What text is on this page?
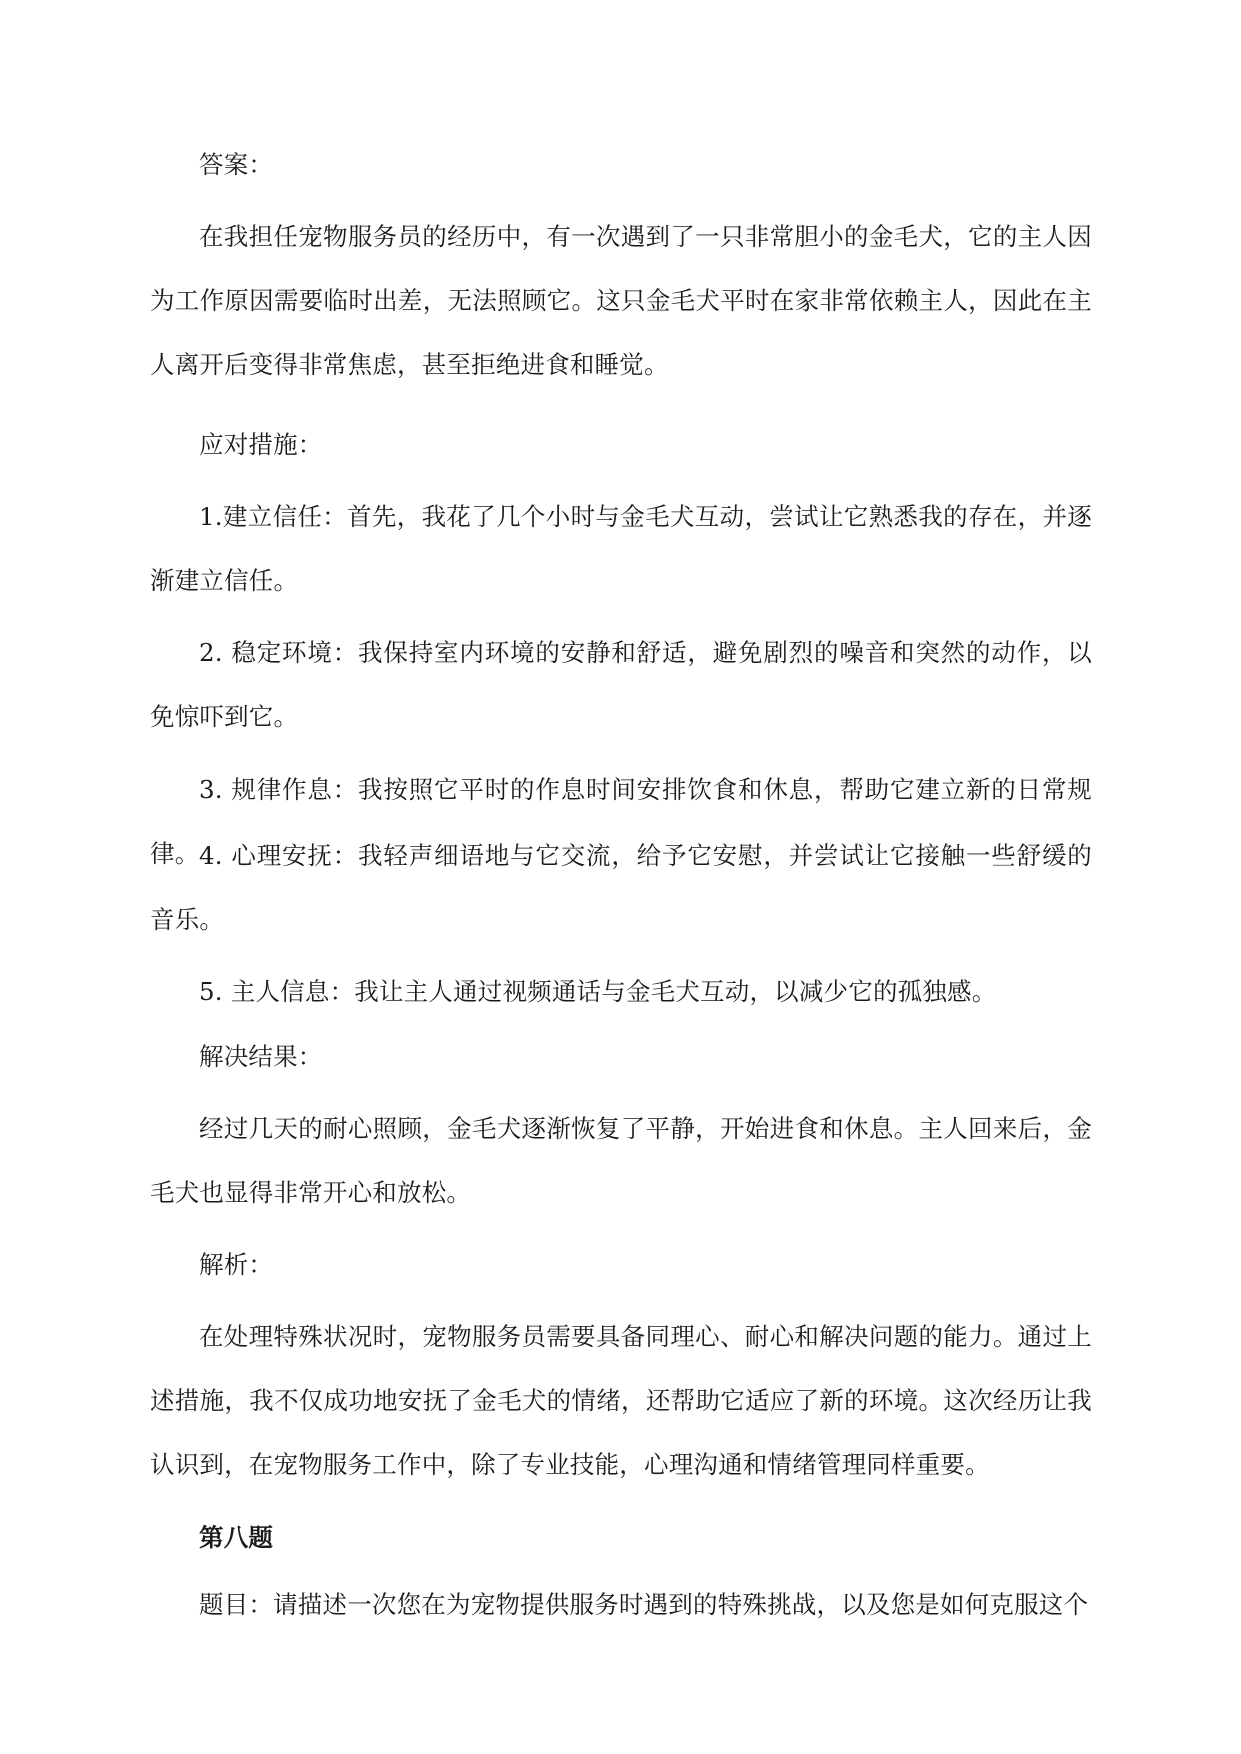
答案：

在我担任宠物服务员的经历中，有一次遇到了一只非常胆小的金毛犬，它的主人因为工作原因需要临时出差，无法照顾它。这只金毛犬平时在家非常依赖主人，因此在主人离开后变得非常焦虑，甚至拒绝进食和睡觉。

应对措施：

1.建立信任：首先，我花了几个小时与金毛犬互动，尝试让它熟悉我的存在，并逐渐建立信任。

2. 稳定环境：我保持室内环境的安静和舒适，避免剧烈的噪音和突然的动作，以免惊吓到它。

3. 规律作息：我按照它平时的作息时间安排饮食和休息，帮助它建立新的日常规律。 4. 心理安抚：我轻声细语地与它交流，给予它安慰，并尝试让它接触一些舒缓的音乐。

5. 主人信息：我让主人通过视频通话与金毛犬互动，以减少它的孤独感。

解决结果：

经过几天的耐心照顾，金毛犬逐渐恢复了平静，开始进食和休息。主人回来后，金毛犬也显得非常开心和放松。

解析：

在处理特殊状况时，宠物服务员需要具备同理心、耐心和解决问题的能力。通过上述措施，我不仅成功地安抚了金毛犬的情绪，还帮助它适应了新的环境。这次经历让我认识到，在宠物服务工作中，除了专业技能，心理沟通和情绪管理同样重要。

第八题

题目：请描述一次您在为宠物提供服务时遇到的特殊挑战，以及您是如何克服这个
